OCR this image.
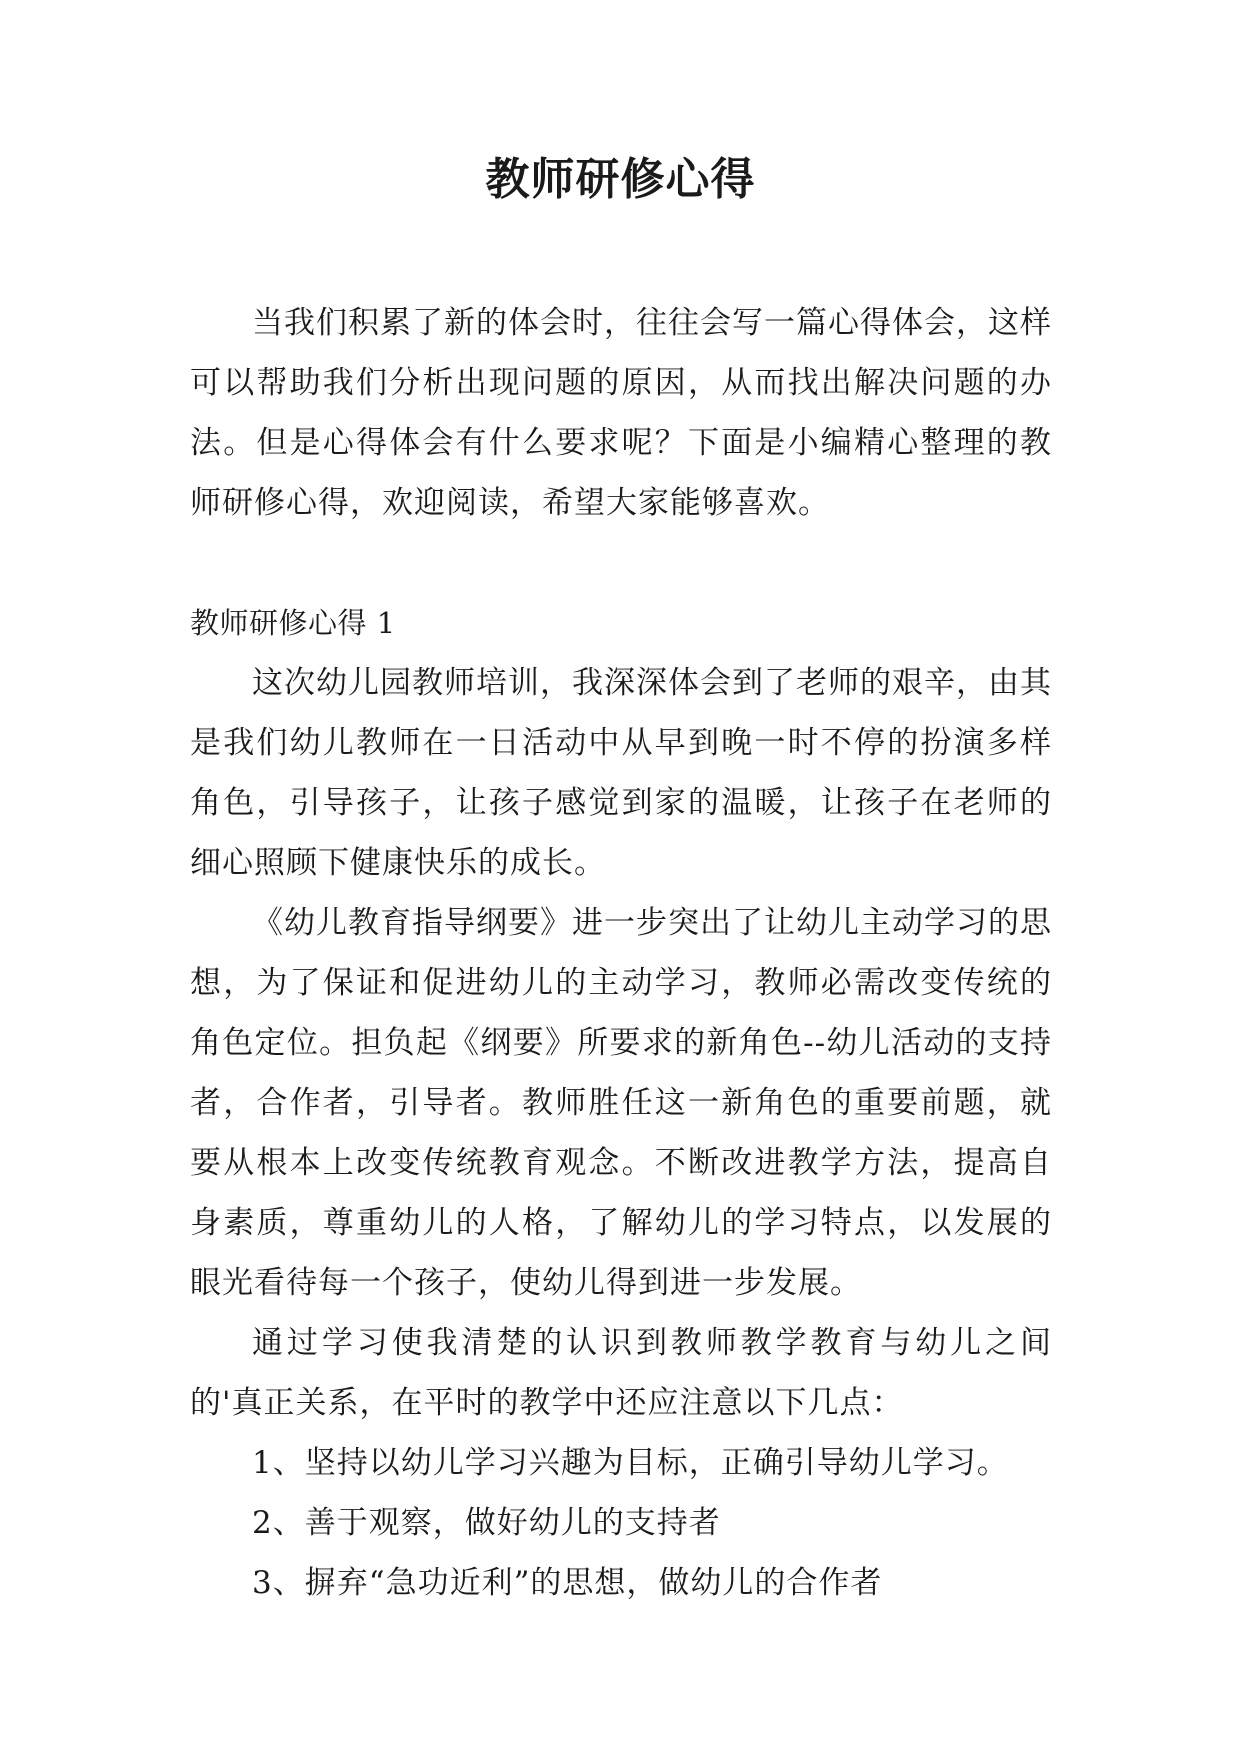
教师研修心得

当我们积累了新的体会时，往往会写一篇心得体会，这样可以帮助我们分析出现问题的原因，从而找出解决问题的办法。但是心得体会有什么要求呢？下面是小编精心整理的教师研修心得，欢迎阅读，希望大家能够喜欢。

教师研修心得 1

这次幼儿园教师培训，我深深体会到了老师的艰辛，由其是我们幼儿教师在一日活动中从早到晚一时不停的扮演多样角色，引导孩子，让孩子感觉到家的温暖，让孩子在老师的细心照顾下健康快乐的成长。

《幼儿教育指导纲要》进一步突出了让幼儿主动学习的思想，为了保证和促进幼儿的主动学习，教师必需改变传统的角色定位。担负起《纲要》所要求的新角色--幼儿活动的支持者，合作者，引导者。教师胜任这一新角色的重要前题，就要从根本上改变传统教育观念。不断改进教学方法，提高自身素质，尊重幼儿的人格，了解幼儿的学习特点，以发展的眼光看待每一个孩子，使幼儿得到进一步发展。

通过学习使我清楚的认识到教师教学教育与幼儿之间的'真正关系，在平时的教学中还应注意以下几点：

1、坚持以幼儿学习兴趣为目标，正确引导幼儿学习。

2、善于观察，做好幼儿的支持者

3、摒弃“急功近利”的思想，做幼儿的合作者
